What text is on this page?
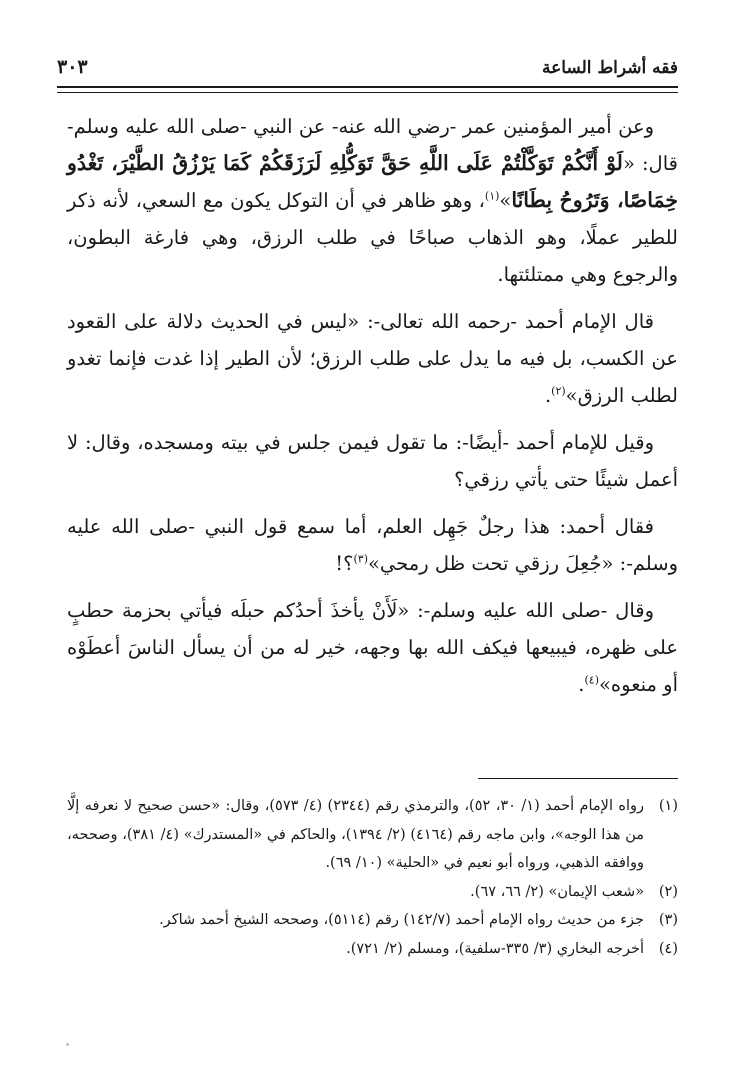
فقه أشراط الساعة
٣٠٣

وعن أمير المؤمنين عمر -رضي الله عنه- عن النبي -صلى الله عليه وسلم- قال: «لَوْ أَنَّكُمْ تَوَكَّلْتُمْ عَلَى اللَّهِ حَقَّ تَوَكُّلِهِ لَرَزَقَكُمْ كَمَا يَرْزُقُ الطَّيْرَ، تَغْدُو خِمَاصًا، وَتَرُوحُ بِطَانًا»$^{(١)}$، وهو ظاهر في أن التوكل يكون مع السعي، لأنه ذكر للطير عملًا، وهو الذهاب صباحًا في طلب الرزق، وهي فارغة البطون، والرجوع وهي ممتلئتها.

قال الإمام أحمد -رحمه الله تعالى-: «ليس في الحديث دلالة على القعود عن الكسب، بل فيه ما يدل على طلب الرزق؛ لأن الطير إذا غدت فإنما تغدو لطلب الرزق»$^{(٢)}$.

وقيل للإمام أحمد -أيضًا-: ما تقول فيمن جلس في بيته ومسجده، وقال: لا أعمل شيئًا حتى يأتي رزقي؟

فقال أحمد: هذا رجلٌ جَهِل العلم، أما سمع قول النبي -صلى الله عليه وسلم-: «جُعِلَ رزقي تحت ظل رمحي»$^{(٣)}$؟!

وقال -صلى الله عليه وسلم-: «لَأَنْ يأخذَ أحدُكم حبلَه فيأتي بحزمة حطبٍ على ظهره، فيبيعها فيكف الله بها وجهه، خير له من أن يسأل الناسَ أعطَوْه أو منعوه»$^{(٤)}$.

(١)
رواه الإمام أحمد (١/ ٣٠، ٥٢)، والترمذي رقم (٢٣٤٤) (٤/ ٥٧٣)، وقال: «حسن صحيح لا نعرفه إلَّا من هذا الوجه»، وابن ماجه رقم (٤١٦٤) (٢/ ١٣٩٤)، والحاكم في «المستدرك» (٤/ ٣٨١)، وصححه، ووافقه الذهبي، ورواه أبو نعيم في «الحلية» (١٠/ ٦٩).
(٢)
«شعب الإيمان» (٢/ ٦٦، ٦٧).
(٣)
جزء من حديث رواه الإمام أحمد (١٤٢/٧) رقم (٥١١٤)، وصححه الشيخ أحمد شاكر.
(٤)
أخرجه البخاري (٣/ ٣٣٥-سلفية)، ومسلم (٢/ ٧٢١).
